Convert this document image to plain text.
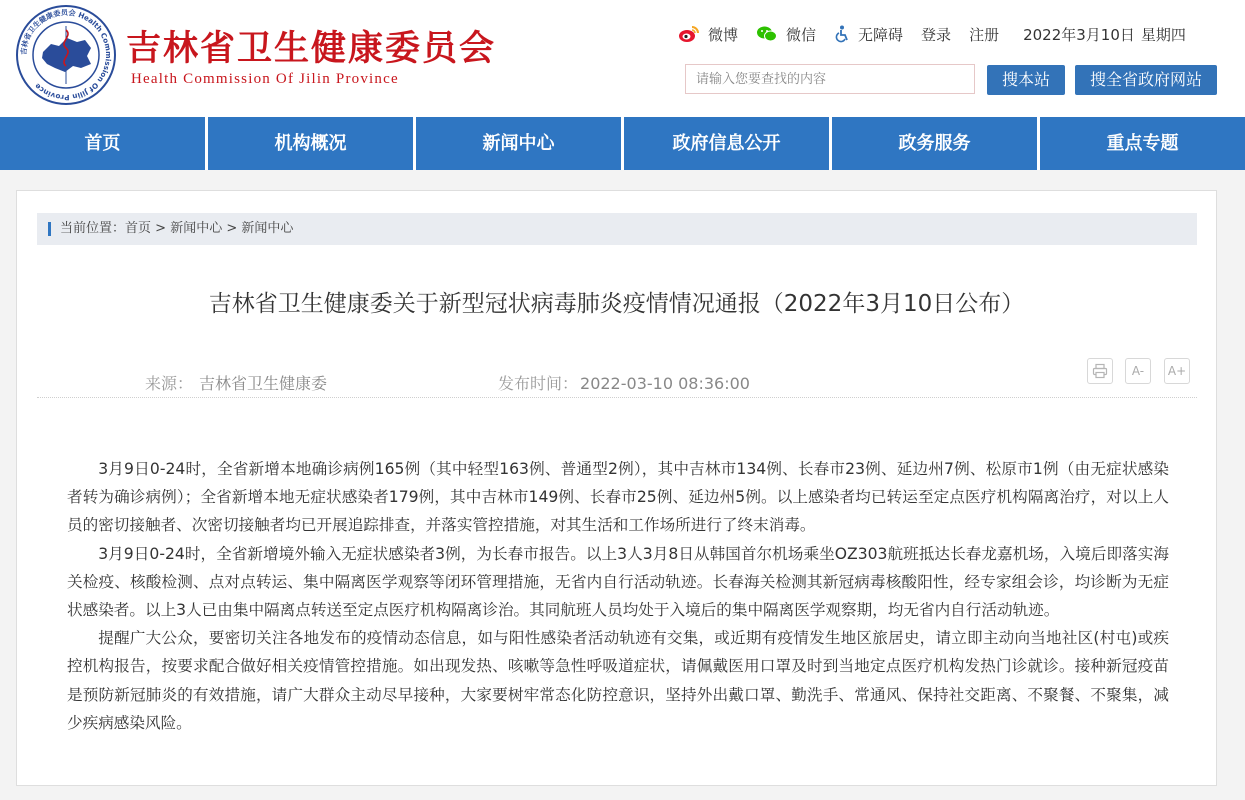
吉林省卫生健康委员会 Health Commission Of Jilin Province
吉林省卫生健康委员会
Health Commission Of Jilin Province
微博	微信	无障碍 登录 注册 2022年3月10日 星期四
请输入您要查找的内容
搜本站	搜全省政府网站
首页	机构概况	新闻中心	政府信息公开	政务服务	重点专题
当前位置：首页 > 新闻中心 > 新闻中心
吉林省卫生健康委关于新型冠状病毒肺炎疫情情况通报（2022年3月10日公布）
来源： 吉林省卫生健康委	发布时间： 2022-03-10 08:36:00
A-	A+

3月9日0-24时，全省新增本地确诊病例165例（其中轻型163例、普通型2例），其中吉林市134例、长春市23例、延边州7例、松原市1例（由无症状感染者转为确诊病例）；全省新增本地无症状感染者179例，其中吉林市149例、长春市25例、延边州5例。以上感染者均已转运至定点医疗机构隔离治疗，对以上人员的密切接触者、次密切接触者均已开展追踪排查，并落实管控措施，对其生活和工作场所进行了终末消毒。

3月9日0-24时，全省新增境外输入无症状感染者3例，为长春市报告。以上3人3月8日从韩国首尔机场乘坐OZ303航班抵达长春龙嘉机场，入境后即落实海关检疫、核酸检测、点对点转运、集中隔离医学观察等闭环管理措施，无省内自行活动轨迹。长春海关检测其新冠病毒核酸阳性，经专家组会诊，均诊断为无症状感染者。以上3人已由集中隔离点转送至定点医疗机构隔离诊治。其同航班人员均处于入境后的集中隔离医学观察期，均无省内自行活动轨迹。

提醒广大公众，要密切关注各地发布的疫情动态信息，如与阳性感染者活动轨迹有交集，或近期有疫情发生地区旅居史，请立即主动向当地社区(村屯)或疾控机构报告，按要求配合做好相关疫情管控措施。如出现发热、咳嗽等急性呼吸道症状，请佩戴医用口罩及时到当地定点医疗机构发热门诊就诊。接种新冠疫苗是预防新冠肺炎的有效措施，请广大群众主动尽早接种，大家要树牢常态化防控意识，坚持外出戴口罩、勤洗手、常通风、保持社交距离、不聚餐、不聚集，减少疾病感染风险。
